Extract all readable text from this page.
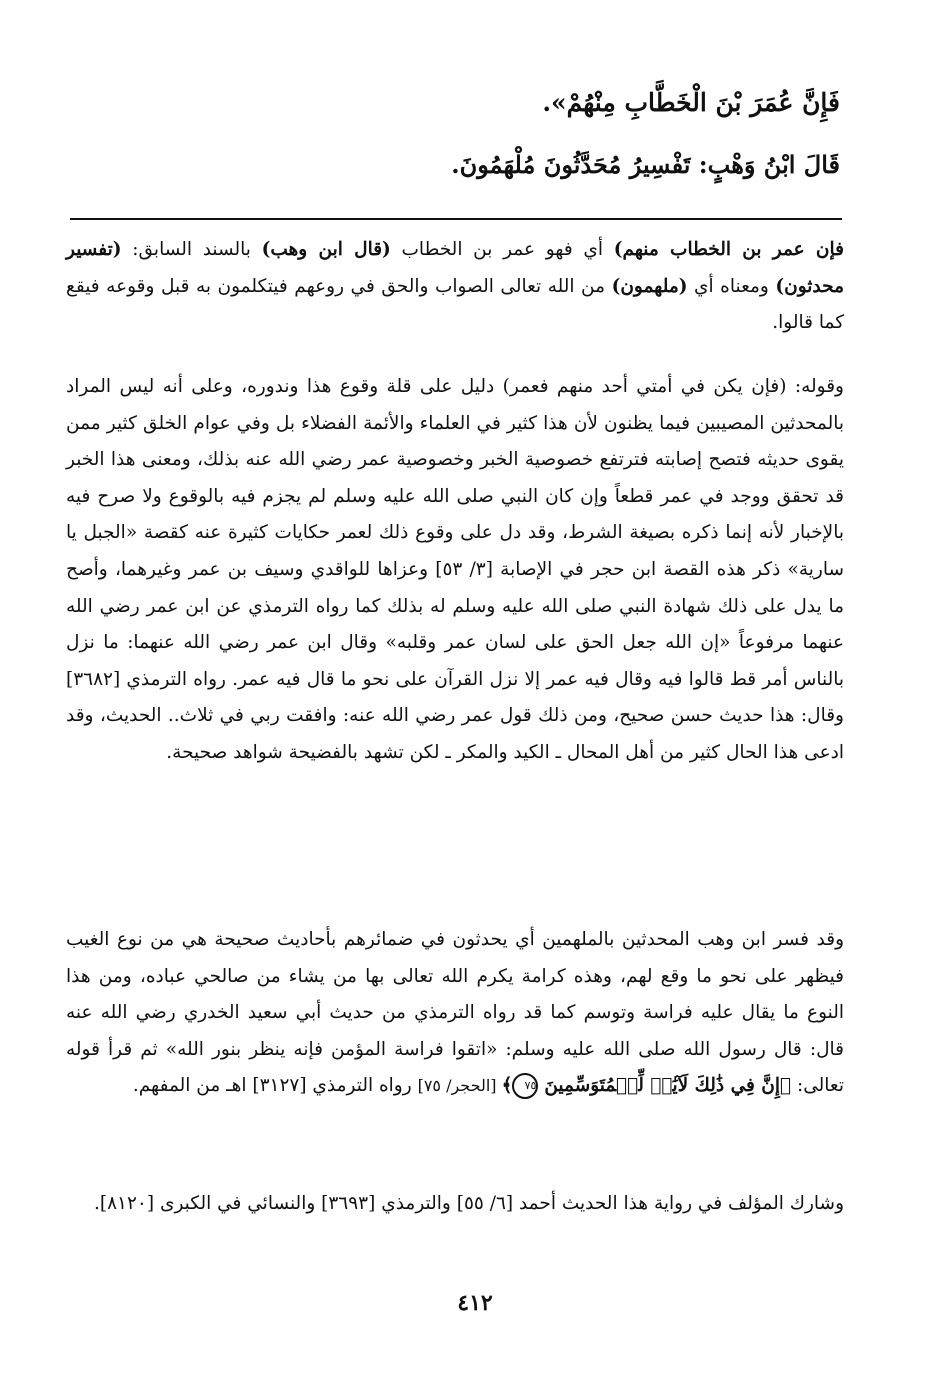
فَإِنَّ عُمَرَ بْنَ الْخَطَّابِ مِنْهُمْ».
قَالَ ابْنُ وَهْبٍ: تَفْسِيرُ مُحَدَّثُونَ مُلْهَمُونَ.

فإن عمر بن الخطاب منهم) أي فهو عمر بن الخطاب (قال ابن وهب) بالسند السابق: (تفسير محدثون) ومعناه أي (ملهمون) من الله تعالى الصواب والحق في روعهم فيتكلمون به قبل وقوعه فيقع كما قالوا.

وقوله: (فإن يكن في أمتي أحد منهم فعمر) دليل على قلة وقوع هذا وندوره، وعلى أنه ليس المراد بالمحدثين المصيبين فيما يظنون لأن هذا كثير في العلماء والأئمة الفضلاء بل وفي عوام الخلق كثير ممن يقوى حديثه فتصح إصابته فترتفع خصوصية الخبر وخصوصية عمر رضي الله عنه بذلك، ومعنى هذا الخبر قد تحقق ووجد في عمر قطعاً وإن كان النبي صلى الله عليه وسلم لم يجزم فيه بالوقوع ولا صرح فيه بالإخبار لأنه إنما ذكره بصيغة الشرط، وقد دل على وقوع ذلك لعمر حكايات كثيرة عنه كقصة «الجبل يا سارية» ذكر هذه القصة ابن حجر في الإصابة [٣/ ٥٣] وعزاها للواقدي وسيف بن عمر وغيرهما، وأصح ما يدل على ذلك شهادة النبي صلى الله عليه وسلم له بذلك كما رواه الترمذي عن ابن عمر رضي الله عنهما مرفوعاً «إن الله جعل الحق على لسان عمر وقلبه» وقال ابن عمر رضي الله عنهما: ما نزل بالناس أمر قط قالوا فيه وقال فيه عمر إلا نزل القرآن على نحو ما قال فيه عمر. رواه الترمذي [٣٦٨٢] وقال: هذا حديث حسن صحيح، ومن ذلك قول عمر رضي الله عنه: وافقت ربي في ثلاث.. الحديث، وقد ادعى هذا الحال كثير من أهل المحال ـ الكيد والمكر ـ لكن تشهد بالفضيحة شواهد صحيحة.

وقد فسر ابن وهب المحدثين بالملهمين أي يحدثون في ضمائرهم بأحاديث صحيحة هي من نوع الغيب فيظهر على نحو ما وقع لهم، وهذه كرامة يكرم الله تعالى بها من يشاء من صالحي عباده، ومن هذا النوع ما يقال عليه فراسة وتوسم كما قد رواه الترمذي من حديث أبي سعيد الخدري رضي الله عنه قال: قال رسول الله صلى الله عليه وسلم: «اتقوا فراسة المؤمن فإنه ينظر بنور الله» ثم قرأ قوله تعالى: ﴿إِنَّ فِي ذَٰلِكَ لَآيَٰتٖ لِّلۡمُتَوَسِّمِينَ ٧٥﴾ [الحجر/ ٧٥] رواه الترمذي [٣١٢٧] اهـ من المفهم.

وشارك المؤلف في رواية هذا الحديث أحمد [٦/ ٥٥] والترمذي [٣٦٩٣] والنسائي في الكبرى [٨١٢٠].

٤١٢
